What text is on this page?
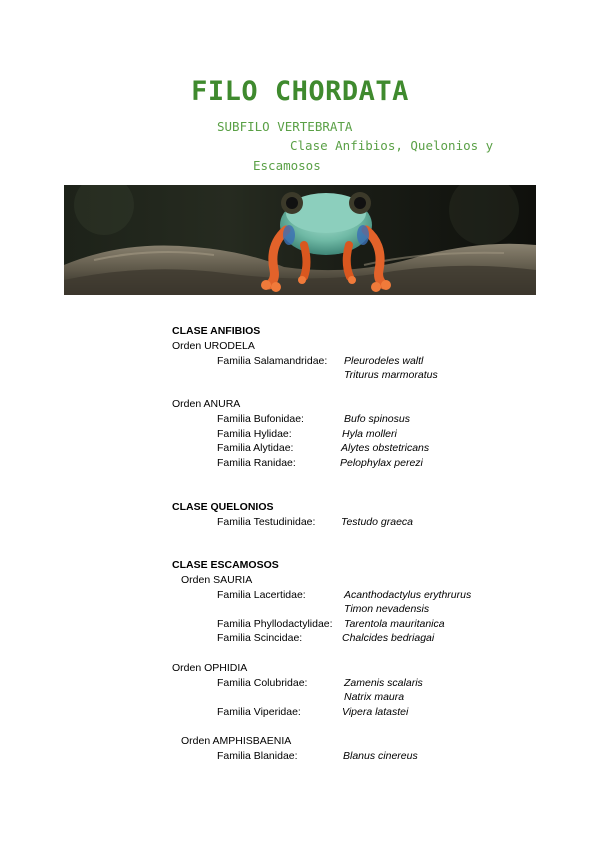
FILO CHORDATA
SUBFILO VERTEBRATA
Clase Anfibios, Quelonios y
Escamosos
CLASE ANFIBIOS
Orden URODELA
Familia Salamandridae: Pleurodeles waltl
Triturus marmoratus
Orden ANURA
Familia Bufonidae:	Bufo spinosus
Familia Hylidae:	Hyla molleri
Familia Alytidae:	Alytes obstetricans
Familia Ranidae:	Pelophylax perezi
CLASE QUELONIOS
Familia Testudinidae: Testudo graeca
CLASE ESCAMOSOS
Orden SAURIA
Familia Lacertidae:	Acanthodactylus erythrurus
Timon nevadensis
Familia Phyllodactylidae: Tarentola mauritanica
Familia Scincidae:	Chalcides bedriagai
Orden OPHIDIA
Familia Colubridae:	Zamenis scalaris
Natrix maura
Familia Viperidae:	Vipera latastei
Orden AMPHISBAENIA
Familia Blanidae:	Blanus cinereus
